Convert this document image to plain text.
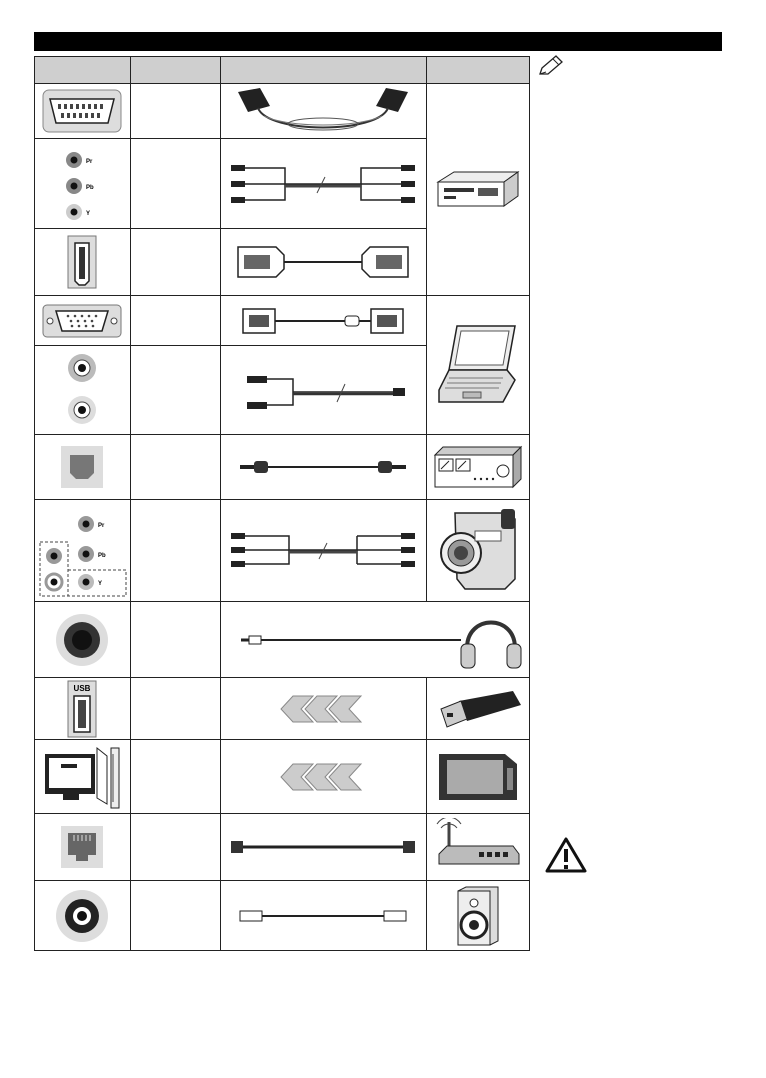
Pr
Pb
Y

Pr
Pb
Y

USB
